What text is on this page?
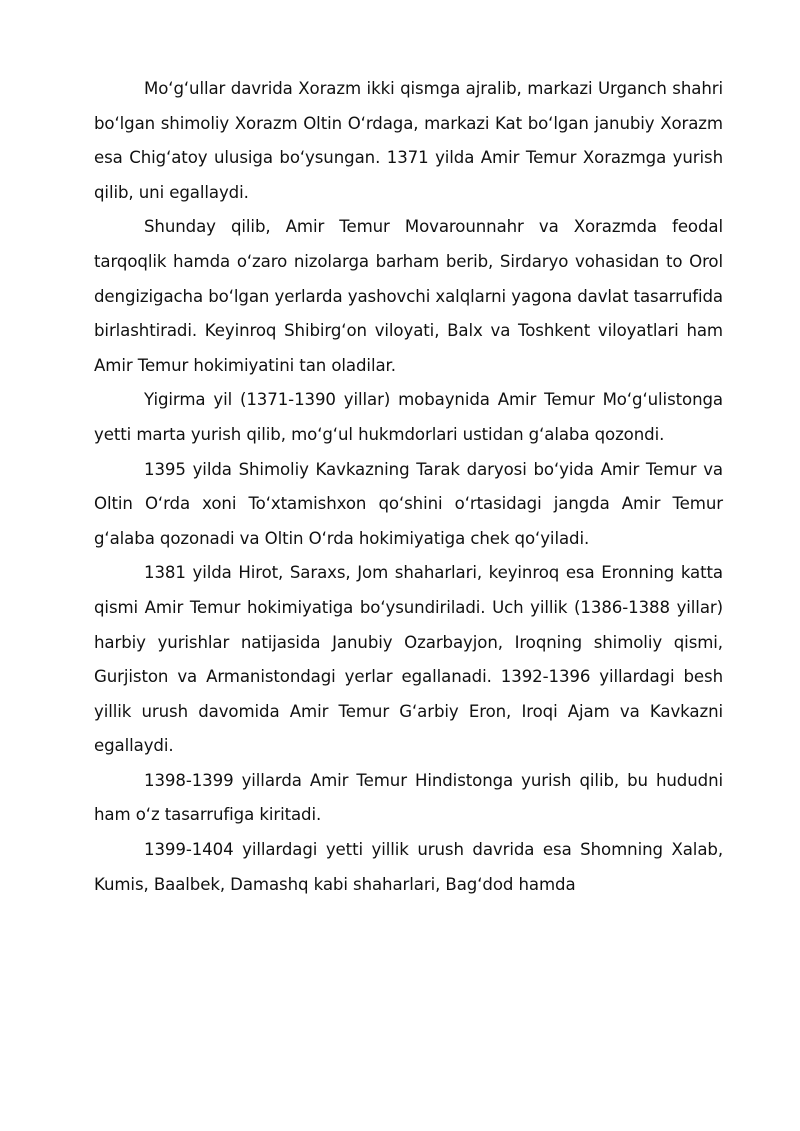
Mo‘g‘ullar davrida Xorazm ikki qismga ajralib, markazi Urganch shahri bo‘lgan shimoliy Xorazm Oltin O‘rdaga, markazi Kat bo‘lgan janubiy Xorazm esa Chig‘atoy ulusiga bo‘ysungan. 1371 yilda Amir Temur Xorazmga yurish qilib, uni egallaydi.

Shunday qilib, Amir Temur Movarounnahr va Xorazmda feodal tarqoqlik hamda o‘zaro nizolarga barham berib, Sirdaryo vohasidan to Orol dengizigacha bo‘lgan yerlarda yashovchi xalqlarni yagona davlat tasarrufida birlashtiradi. Keyinroq Shibirg‘on viloyati, Balx va Toshkent viloyatlari ham Amir Temur hokimiyatini tan oladilar.

Yigirma yil (1371-1390 yillar) mobaynida Amir Temur Mo‘g‘ulistonga yetti marta yurish qilib, mo‘g‘ul hukmdorlari ustidan g‘alaba qozondi.

1395 yilda Shimoliy Kavkazning Tarak daryosi bo‘yida Amir Temur va Oltin O‘rda xoni To‘xtamishxon qo‘shini o‘rtasidagi jangda Amir Temur g‘alaba qozonadi va Oltin O‘rda hokimiyatiga chek qo‘yiladi.

1381 yilda Hirot, Saraxs, Jom shaharlari, keyinroq esa Eronning katta qismi Amir Temur hokimiyatiga bo‘ysundiriladi. Uch yillik (1386-1388 yillar) harbiy yurishlar natijasida Janubiy Ozarbayjon, Iroqning shimoliy qismi, Gurjiston va Armanistondagi yerlar egallanadi. 1392-1396 yillardagi besh yillik urush davomida Amir Temur G‘arbiy Eron, Iroqi Ajam va Kavkazni egallaydi.

1398-1399 yillarda Amir Temur Hindistonga yurish qilib, bu hududni ham o‘z tasarrufiga kiritadi.

1399-1404 yillardagi yetti yillik urush davrida esa Shomning Xalab, Kumis, Baalbek, Damashq kabi shaharlari, Bag‘dod hamda
